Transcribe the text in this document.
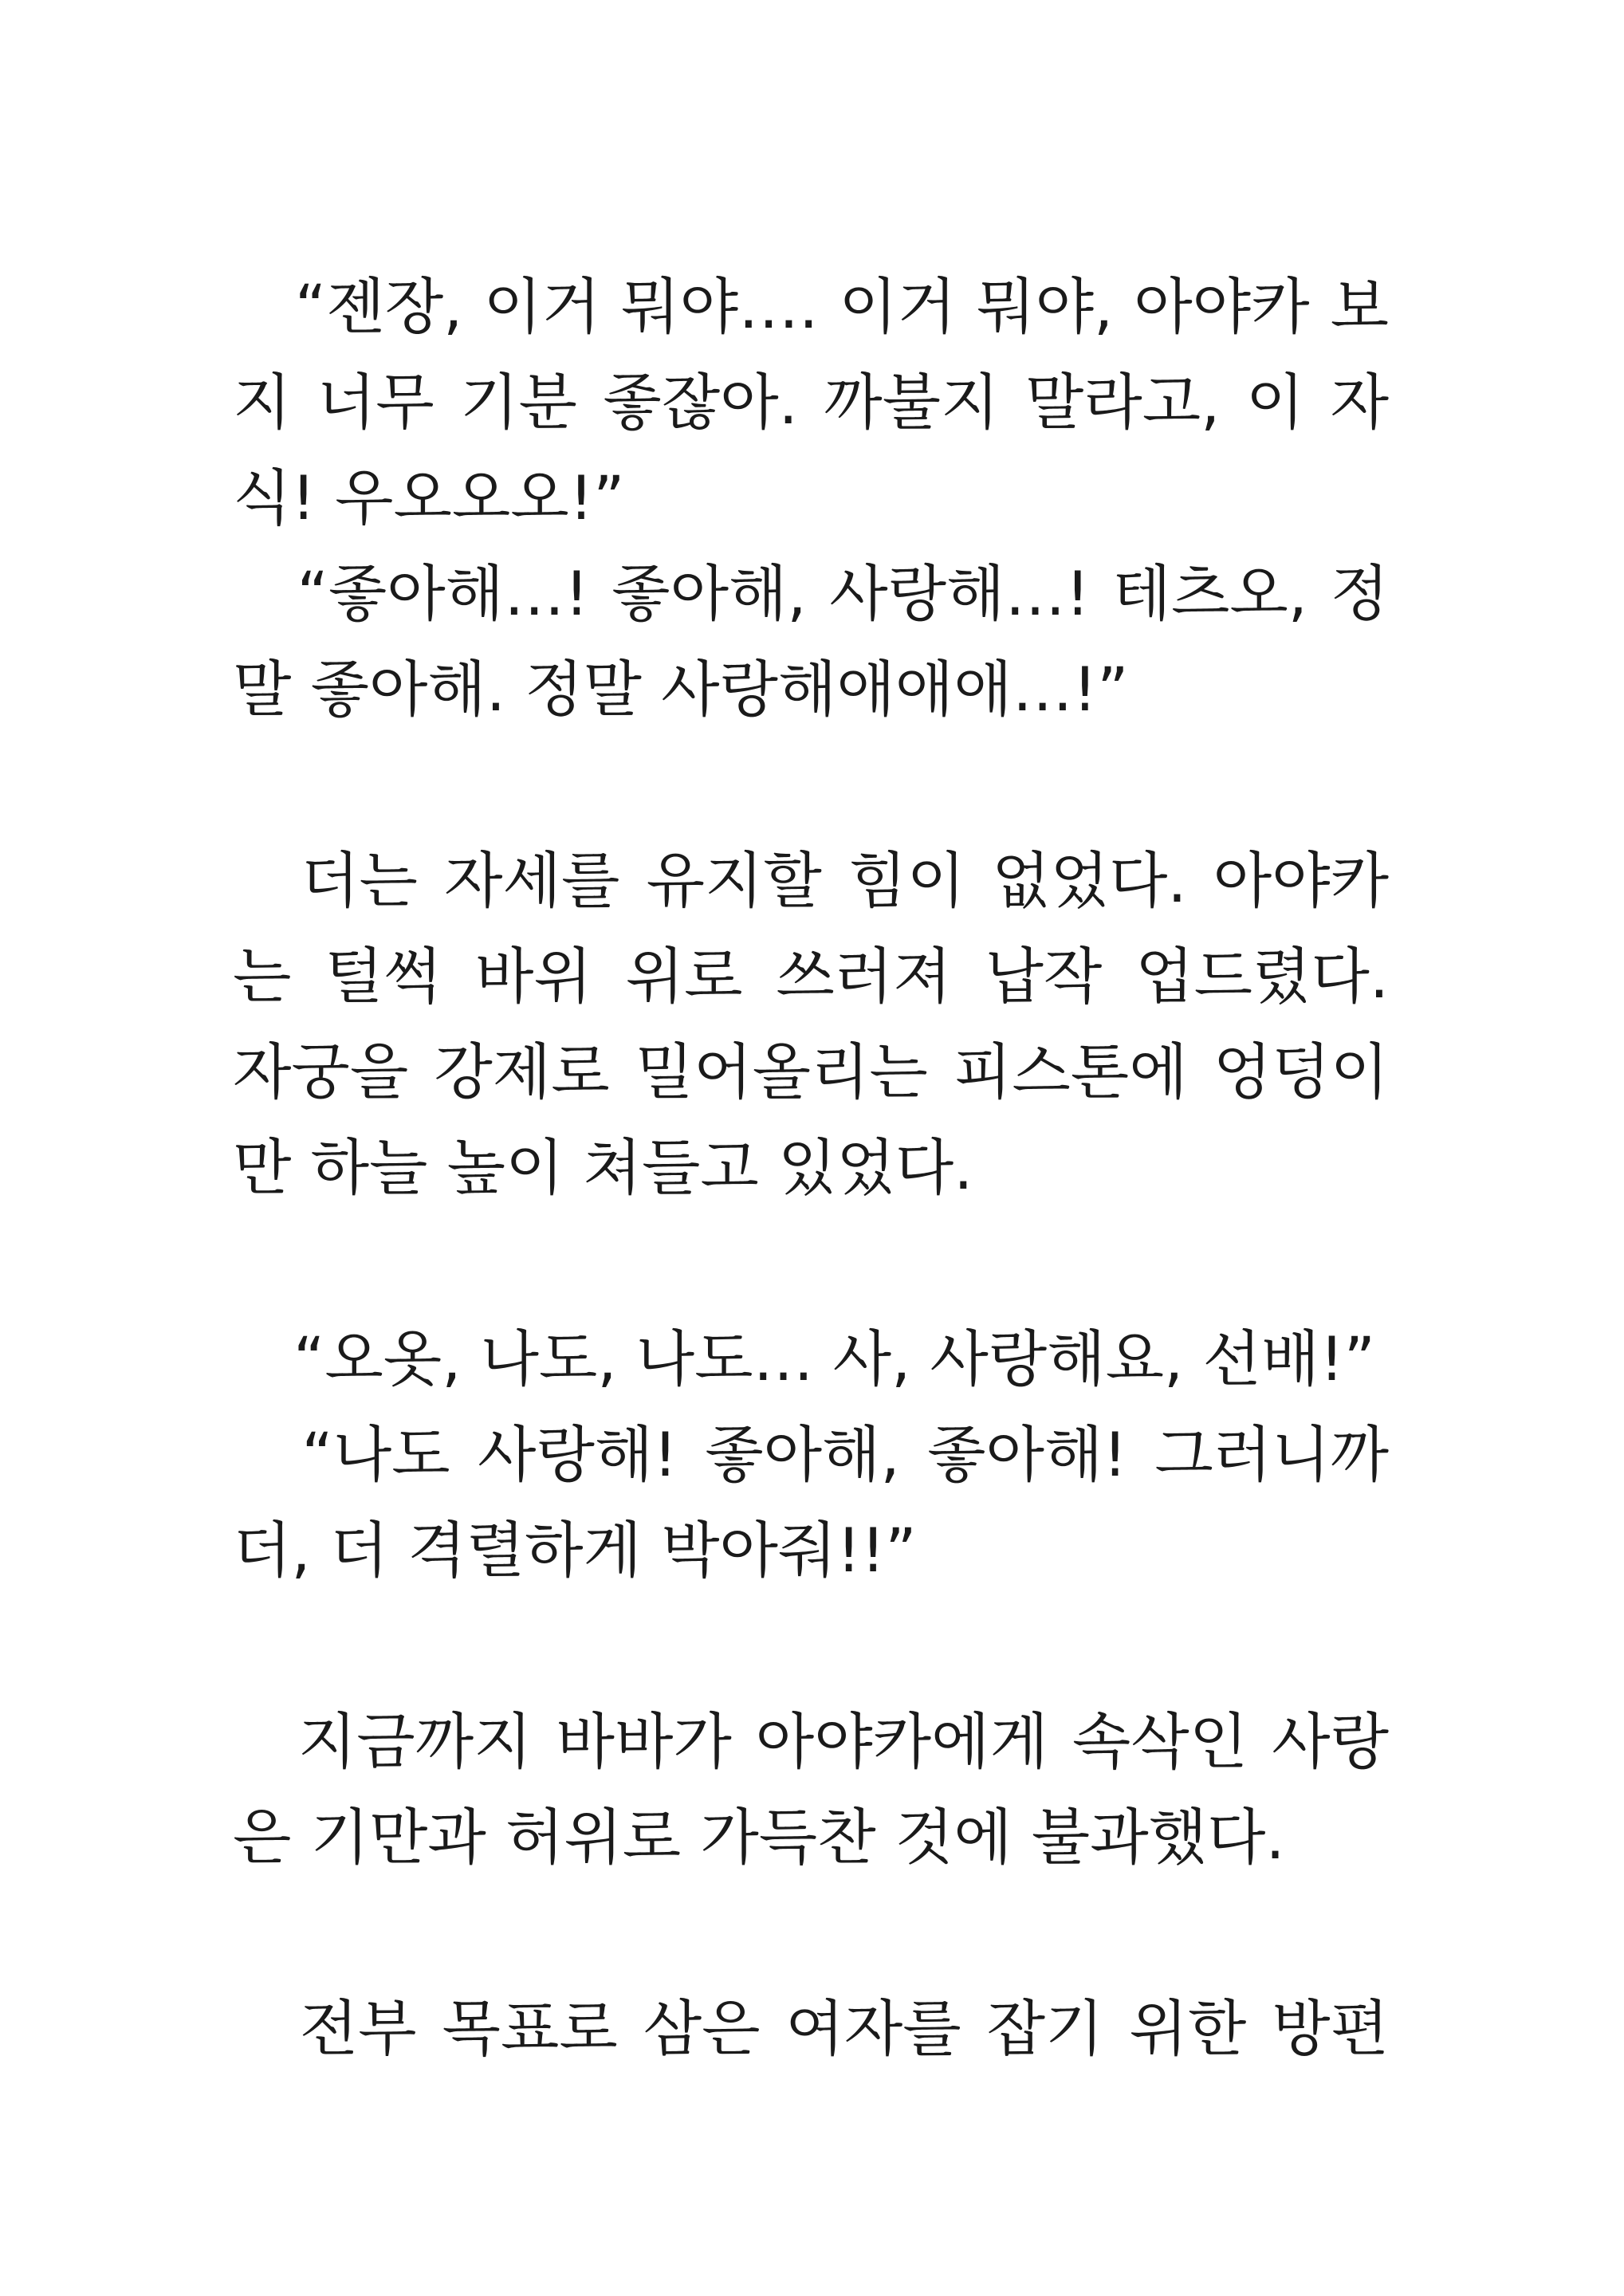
　“젠장, 이거 뭐야…. 이거 뭐야, 아야카 보
지 너무 기분 좋잖아. 까불지 말라고, 이 자
식! 우오오오!”
　“좋아해…! 좋아해, 사랑해…! 테츠오, 정
말 좋아해. 정말 사랑해애애애…!”
　더는 자세를 유지할 힘이 없었다. 아야카
는 털썩 바위 위로 쓰러져 납작 업드렸다.
자궁을 강제로 밀어올리는 피스톤에 엉덩이
만 하늘 높이 쳐들고 있었다.
　“오옷, 나도, 나도… 사, 사랑해요, 선배!”
　“나도 사랑해! 좋아해, 좋아해! 그러니까
더, 더 격렬하게 박아줘!!”
　지금까지 바바가 아야카에게 속삭인 사랑
은 기만과 허위로 가득찬 것에 불과했다.
　전부 목표로 삼은 여자를 잡기 위한 방편
